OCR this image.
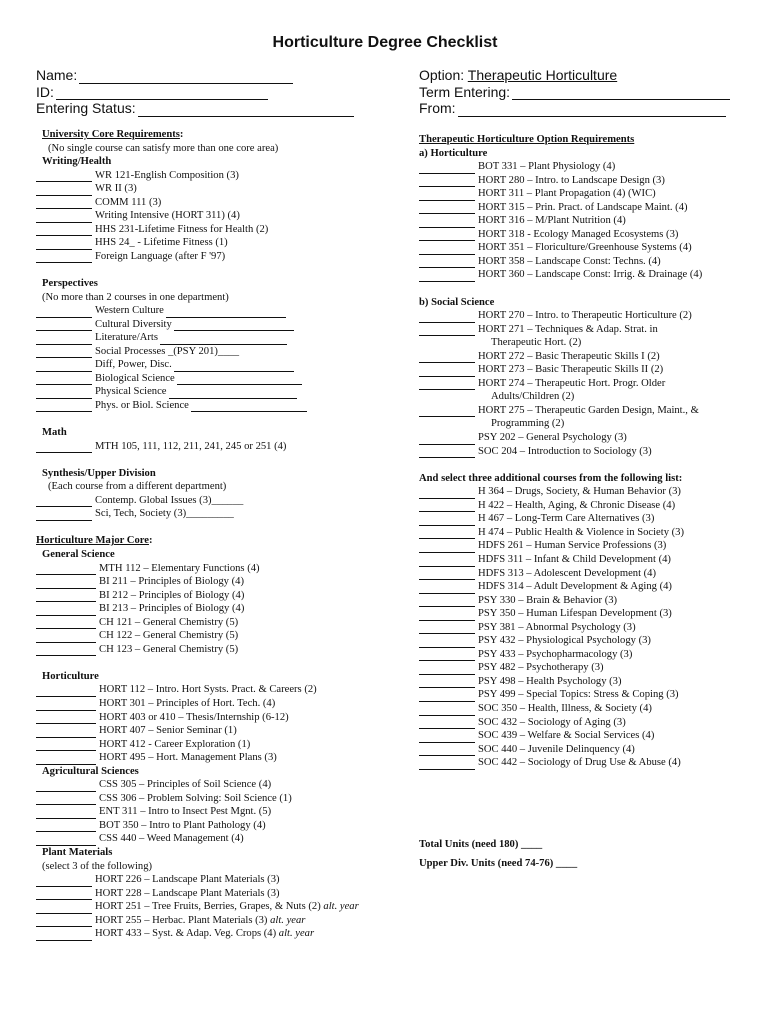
Horticulture Degree Checklist
Name:
ID:
Entering Status:
Option: Therapeutic Horticulture
Term Entering:
From:
University Core Requirements:
(No single course can satisfy more than one core area)
Writing/Health
WR 121-English Composition (3)
WR II (3)
COMM 111 (3)
Writing Intensive (HORT 311) (4)
HHS 231-Lifetime Fitness for Health (2)
HHS 24_ - Lifetime Fitness (1)
Foreign Language (after F '97)
Perspectives
(No more than 2 courses in one department)
Western Culture
Cultural Diversity
Literature/Arts
Social Processes _(PSY 201)____
Diff, Power, Disc.
Biological Science
Physical Science
Phys. or Biol. Science
Math
MTH 105, 111, 112, 211, 241, 245 or 251 (4)
Synthesis/Upper Division
(Each course from a different department)
Contemp. Global Issues (3)______
Sci, Tech, Society (3)_________
Horticulture Major Core:
General Science
MTH 112 – Elementary Functions (4)
BI 211 – Principles of Biology (4)
BI 212 – Principles of Biology (4)
BI 213 – Principles of Biology (4)
CH 121 – General Chemistry (5)
CH 122 – General Chemistry (5)
CH 123 – General Chemistry (5)
Horticulture
HORT 112 – Intro. Hort Systs. Pract. & Careers (2)
HORT 301 – Principles of Hort. Tech. (4)
HORT 403 or 410 – Thesis/Internship (6-12)
HORT 407 – Senior Seminar (1)
HORT 412 - Career Exploration (1)
HORT 495 – Hort. Management Plans (3)
Agricultural Sciences
CSS 305 – Principles of Soil Science (4)
CSS 306 – Problem Solving: Soil Science (1)
ENT 311 – Intro to Insect Pest Mgnt. (5)
BOT 350 – Intro to Plant Pathology (4)
CSS 440 – Weed Management (4)
Plant Materials
(select 3 of the following)
HORT 226 – Landscape Plant Materials (3)
HORT 228 – Landscape Plant Materials (3)
HORT 251 – Tree Fruits, Berries, Grapes, & Nuts (2) alt. year
HORT 255 – Herbac. Plant Materials (3) alt. year
HORT 433 – Syst. & Adap. Veg. Crops (4) alt. year
Therapeutic Horticulture Option Requirements
a) Horticulture
BOT 331 – Plant Physiology (4)
HORT 280 – Intro. to Landscape Design (3)
HORT 311 – Plant Propagation (4) (WIC)
HORT 315 – Prin. Pract. of Landscape Maint. (4)
HORT 316 – M/Plant Nutrition (4)
HORT 318 - Ecology Managed Ecosystems (3)
HORT 351 – Floriculture/Greenhouse Systems (4)
HORT 358 – Landscape Const: Techns. (4)
HORT 360 – Landscape Const: Irrig. & Drainage (4)
b) Social Science
HORT 270 – Intro. to Therapeutic Horticulture (2)
HORT 271 – Techniques & Adap. Strat. in
Therapeutic Hort. (2)
HORT 272 – Basic Therapeutic Skills I (2)
HORT 273 – Basic Therapeutic Skills II (2)
HORT 274 – Therapeutic Hort. Progr. Older
Adults/Children (2)
HORT 275 – Therapeutic Garden Design, Maint., &
Programming (2)
PSY 202 – General Psychology (3)
SOC 204 – Introduction to Sociology (3)
And select three additional courses from the following list:
H 364 – Drugs, Society, & Human Behavior (3)
H 422 – Health, Aging, & Chronic Disease (4)
H 467 – Long-Term Care Alternatives (3)
H 474 – Public Health & Violence in Society (3)
HDFS 261 – Human Service Professions (3)
HDFS 311 – Infant & Child Development (4)
HDFS 313 – Adolescent Development (4)
HDFS 314 – Adult Development & Aging (4)
PSY 330 – Brain & Behavior (3)
PSY 350 – Human Lifespan Development (3)
PSY 381 – Abnormal Psychology (3)
PSY 432 – Physiological Psychology (3)
PSY 433 – Psychopharmacology (3)
PSY 482 – Psychotherapy (3)
PSY 498 – Health Psychology (3)
PSY 499 – Special Topics: Stress & Coping (3)
SOC 350 – Health, Illness, & Society (4)
SOC 432 – Sociology of Aging (3)
SOC 439 – Welfare & Social Services (4)
SOC 440 – Juvenile Delinquency (4)
SOC 442 – Sociology of Drug Use & Abuse (4)
Total Units (need 180) ____
Upper Div. Units (need 74-76) ____
